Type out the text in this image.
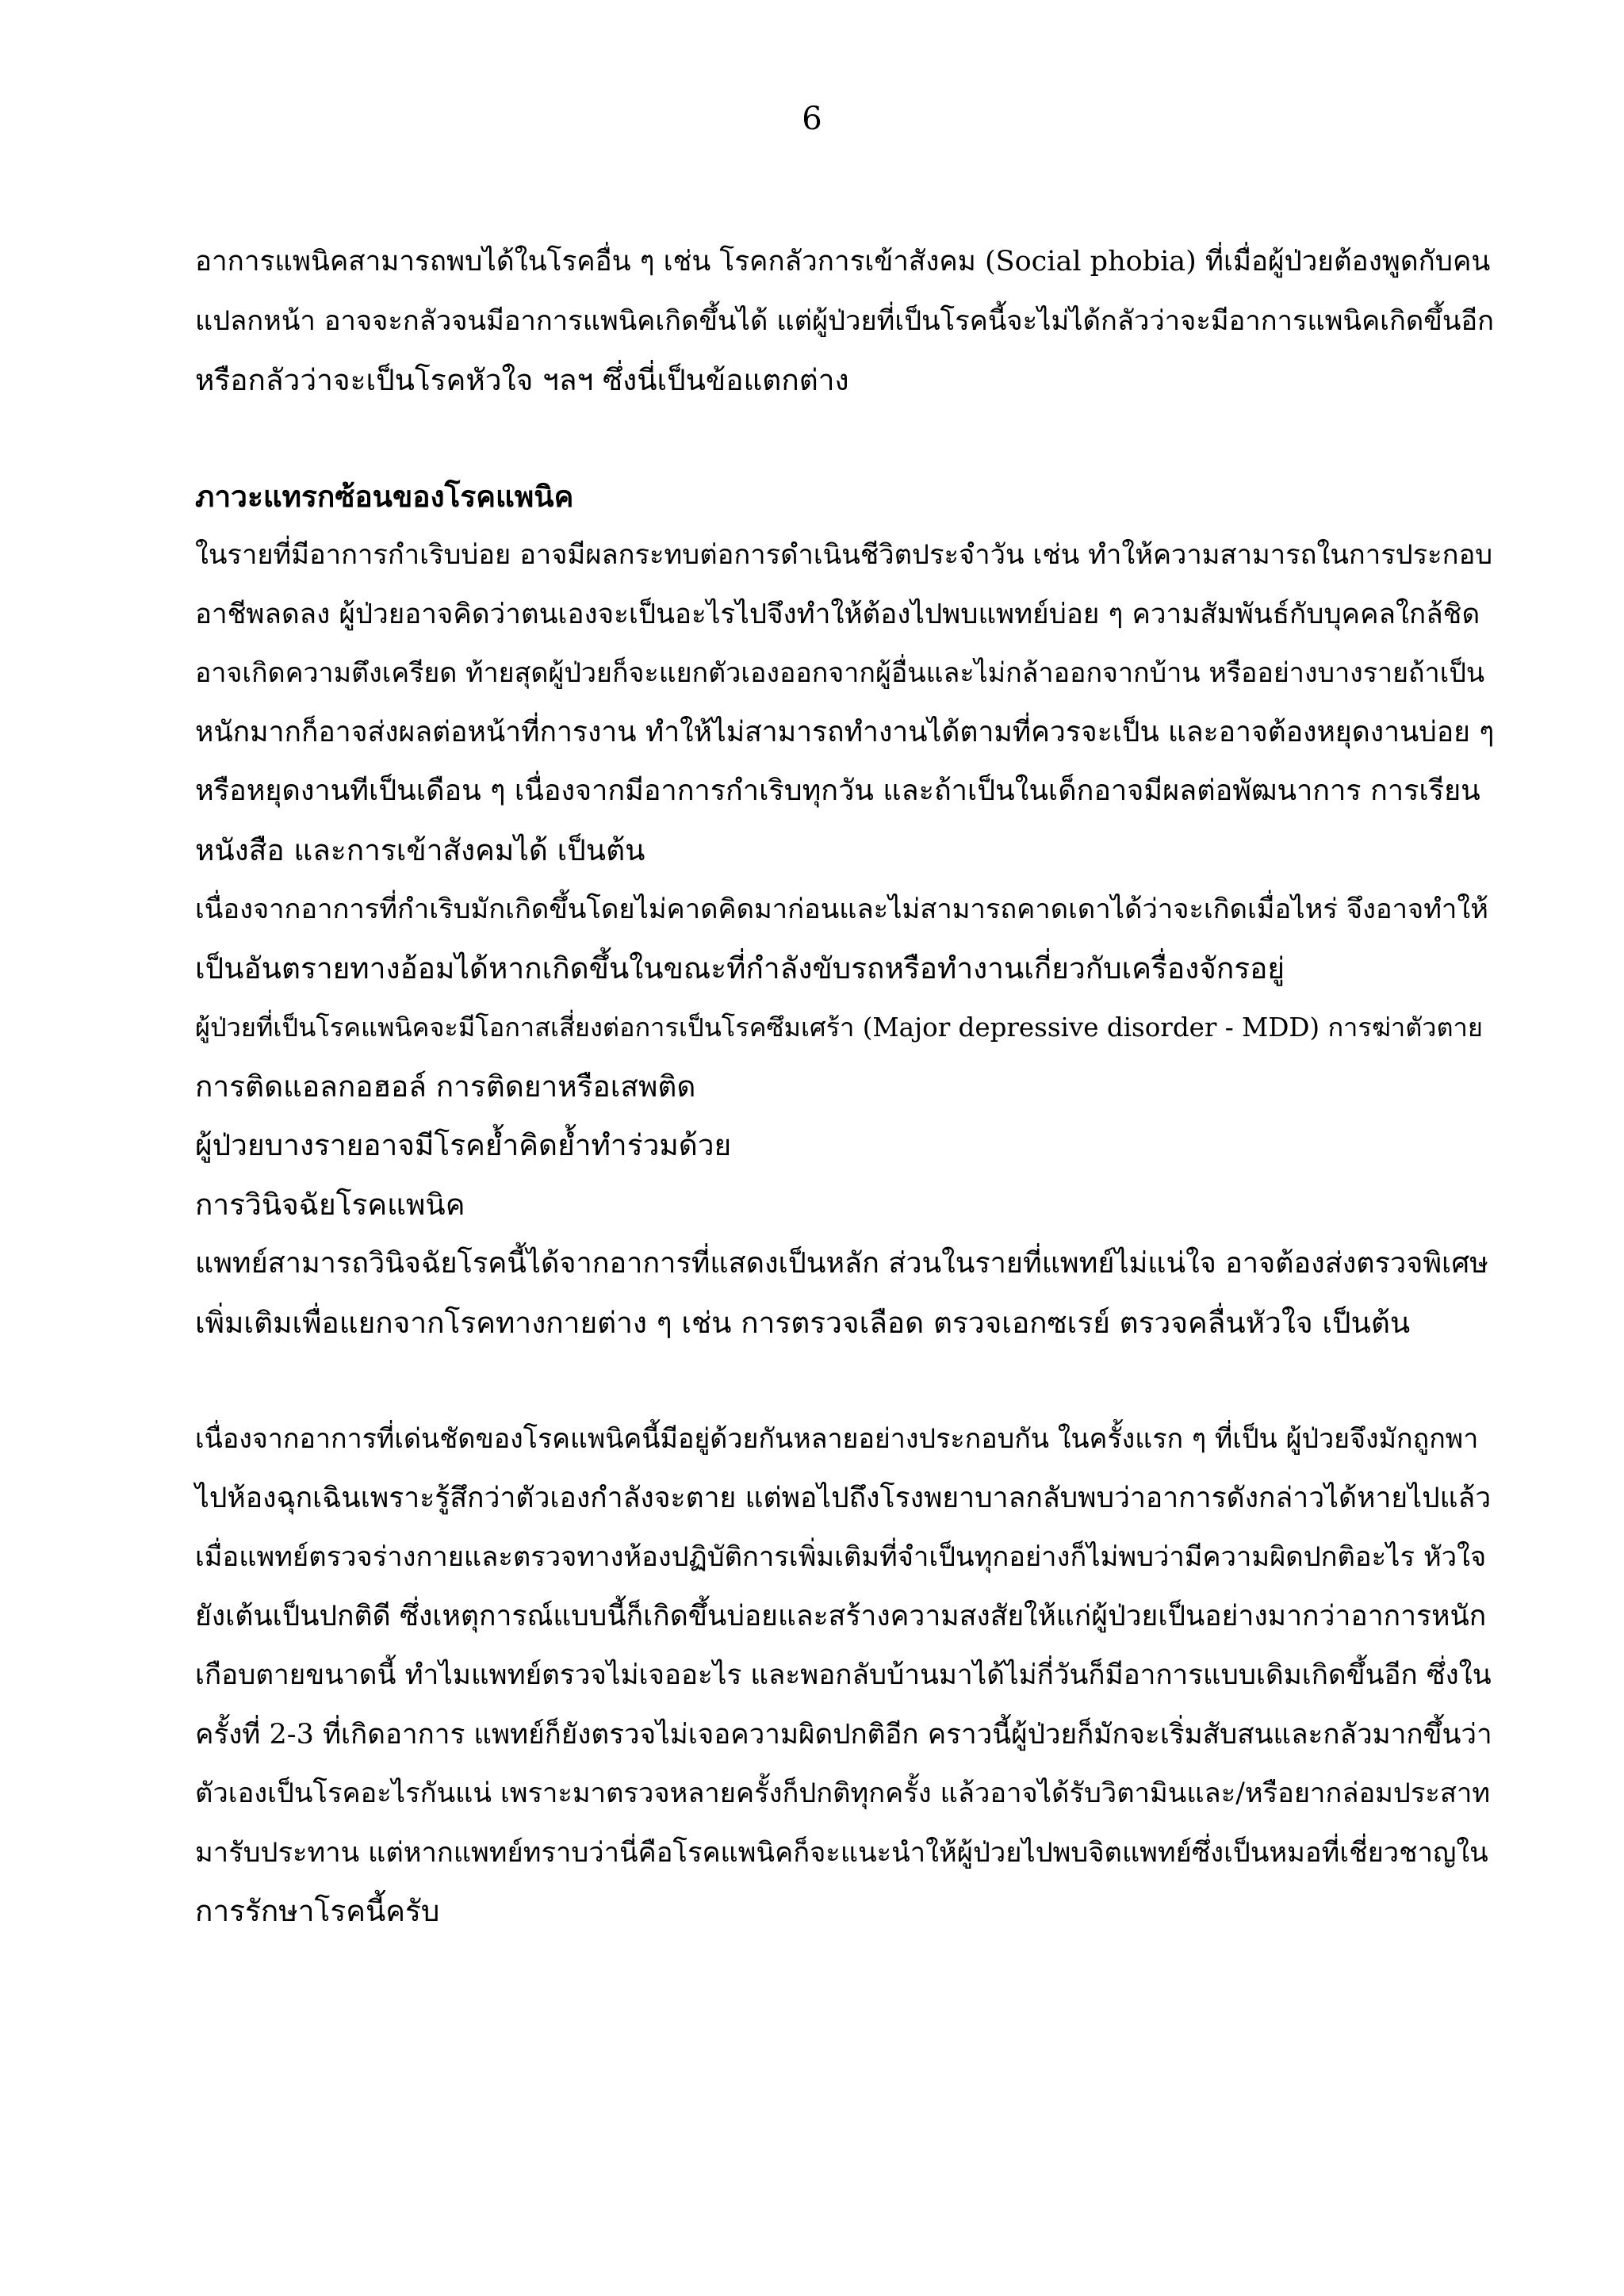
6
อาการแพนิคสามารถพบได้ในโรคอื่น ๆ เช่น โรคกลัวการเข้าสังคม (Social phobia) ที่เมื่อผู้ป่วยต้องพูดกับคน
แปลกหน้า อาจจะกลัวจนมีอาการแพนิคเกิดขึ้นได้ แต่ผู้ป่วยที่เป็นโรคนี้จะไม่ได้กลัวว่าจะมีอาการแพนิคเกิดขึ้นอีก
หรือกลัวว่าจะเป็นโรคหัวใจ ฯลฯ ซึ่งนี่เป็นข้อแตกต่าง
ภาวะแทรกซ้อนของโรคแพนิค
ในรายที่มีอาการกำเริบบ่อย อาจมีผลกระทบต่อการดำเนินชีวิตประจำวัน เช่น ทำให้ความสามารถในการประกอบ
อาชีพลดลง ผู้ป่วยอาจคิดว่าตนเองจะเป็นอะไรไปจึงทำให้ต้องไปพบแพทย์บ่อย ๆ ความสัมพันธ์กับบุคคลใกล้ชิด
อาจเกิดความตึงเครียด ท้ายสุดผู้ป่วยก็จะแยกตัวเองออกจากผู้อื่นและไม่กล้าออกจากบ้าน หรืออย่างบางรายถ้าเป็น
หนักมากก็อาจส่งผลต่อหน้าที่การงาน ทำให้ไม่สามารถทำงานได้ตามที่ควรจะเป็น และอาจต้องหยุดงานบ่อย ๆ
หรือหยุดงานทีเป็นเดือน ๆ เนื่องจากมีอาการกำเริบทุกวัน และถ้าเป็นในเด็กอาจมีผลต่อพัฒนาการ การเรียน
หนังสือ และการเข้าสังคมได้ เป็นต้น
เนื่องจากอาการที่กำเริบมักเกิดขึ้นโดยไม่คาดคิดมาก่อนและไม่สามารถคาดเดาได้ว่าจะเกิดเมื่อไหร่ จึงอาจทำให้
เป็นอันตรายทางอ้อมได้หากเกิดขึ้นในขณะที่กำลังขับรถหรือทำงานเกี่ยวกับเครื่องจักรอยู่
ผู้ป่วยที่เป็นโรคแพนิคจะมีโอกาสเสี่ยงต่อการเป็นโรคซึมเศร้า (Major depressive disorder - MDD) การฆ่าตัวตาย
การติดแอลกอฮอล์ การติดยาหรือเสพติด
ผู้ป่วยบางรายอาจมีโรคย้ำคิดย้ำทำร่วมด้วย
การวินิจฉัยโรคแพนิค
แพทย์สามารถวินิจฉัยโรคนี้ได้จากอาการที่แสดงเป็นหลัก ส่วนในรายที่แพทย์ไม่แน่ใจ อาจต้องส่งตรวจพิเศษ
เพิ่มเติมเพื่อแยกจากโรคทางกายต่าง ๆ เช่น การตรวจเลือด ตรวจเอกซเรย์ ตรวจคลื่นหัวใจ เป็นต้น
เนื่องจากอาการที่เด่นชัดของโรคแพนิคนี้มีอยู่ด้วยกันหลายอย่างประกอบกัน ในครั้งแรก ๆ ที่เป็น ผู้ป่วยจึงมักถูกพา
ไปห้องฉุกเฉินเพราะรู้สึกว่าตัวเองกำลังจะตาย แต่พอไปถึงโรงพยาบาลกลับพบว่าอาการดังกล่าวได้หายไปแล้ว
เมื่อแพทย์ตรวจร่างกายและตรวจทางห้องปฏิบัติการเพิ่มเติมที่จำเป็นทุกอย่างก็ไม่พบว่ามีความผิดปกติอะไร หัวใจ
ยังเต้นเป็นปกติดี ซึ่งเหตุการณ์แบบนี้ก็เกิดขึ้นบ่อยและสร้างความสงสัยให้แก่ผู้ป่วยเป็นอย่างมากว่าอาการหนัก
เกือบตายขนาดนี้ ทำไมแพทย์ตรวจไม่เจออะไร และพอกลับบ้านมาได้ไม่กี่วันก็มีอาการแบบเดิมเกิดขึ้นอีก ซึ่งใน
ครั้งที่ 2-3 ที่เกิดอาการ แพทย์ก็ยังตรวจไม่เจอความผิดปกติอีก คราวนี้ผู้ป่วยก็มักจะเริ่มสับสนและกลัวมากขึ้นว่า
ตัวเองเป็นโรคอะไรกันแน่ เพราะมาตรวจหลายครั้งก็ปกติทุกครั้ง แล้วอาจได้รับวิตามินและ/หรือยากล่อมประสาท
มารับประทาน แต่หากแพทย์ทราบว่านี่คือโรคแพนิคก็จะแนะนำให้ผู้ป่วยไปพบจิตแพทย์ซึ่งเป็นหมอที่เชี่ยวชาญใน
การรักษาโรคนี้ครับ
